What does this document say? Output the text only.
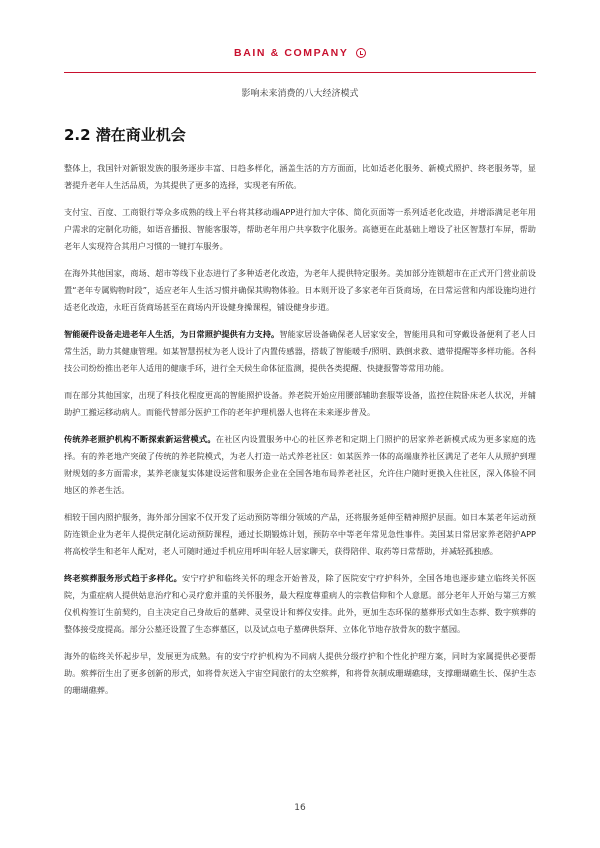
BAIN & COMPANY
影响未来消费的八大经济模式
2.2 潜在商业机会

整体上，我国针对新银发族的服务逐步丰富、日趋多样化，涵盖生活的方方面面，比如适老化服务、新模式照护、终老服务等，显著提升老年人生活品质，为其提供了更多的选择，实现老有所依。

支付宝、百度、工商银行等众多成熟的线上平台将其移动端APP进行加大字体、简化页面等一系列适老化改造，并增添满足老年用户需求的定制化功能，如语音播报、智能客服等，帮助老年用户共享数字化服务。高德更在此基础上增设了社区智慧打车屏，帮助老年人实现符合其用户习惯的一键打车服务。

在海外其他国家，商场、超市等线下业态进行了多种适老化改造，为老年人提供特定服务。美加部分连锁超市在正式开门营业前设置“老年专属购物时段”，适应老年人生活习惯并确保其购物体验。日本则开设了多家老年百货商场，在日常运营和内部设施均进行适老化改造，永旺百货商场甚至在商场内开设健身操课程，铺设健身步道。

智能硬件设备走进老年人生活，为日常照护提供有力支持。智能家居设备确保老人居家安全，智能用具和可穿戴设备便利了老人日常生活，助力其健康管理。如某智慧拐杖为老人设计了内置传感器，搭载了智能暖手/照明、跌倒求救、遗带提醒等多样功能。各科技公司纷纷推出老年人适用的健康手环，进行全天候生命体征监测，提供各类提醒、快捷报警等常用功能。

而在部分其他国家，出现了科技化程度更高的智能照护设备。养老院开始应用腰部辅助套服等设备，监控住院卧床老人状况，并辅助护工搬运移动病人。而能代替部分医护工作的老年护理机器人也将在未来逐步普及。

传统养老照护机构不断探索新运营模式。在社区内设置服务中心的社区养老和定期上门照护的居家养老新模式成为更多家庭的选择。有的养老地产突破了传统的养老院模式，为老人打造一站式养老社区：如某医养一体的高端康养社区满足了老年人从照护到理财规划的多方面需求，某养老康复实体建设运营和服务企业在全国各地布局养老社区，允许住户随时更换入住社区，深入体验不同地区的养老生活。

相较于国内照护服务，海外部分国家不仅开发了运动预防等细分领域的产品，还将服务延伸至精神照护层面。如日本某老年运动预防连锁企业为老年人提供定制化运动预防课程，通过长期锻炼计划，预防卒中等老年常见急性事件。美国某日常居家养老陪护APP将高校学生和老年人配对，老人可随时通过手机应用呼叫年轻人居家聊天，获得陪伴、取药等日常帮助，并减轻孤独感。

终老殡葬服务形式趋于多样化。安宁疗护和临终关怀的理念开始普及，除了医院安宁疗护科外，全国各地也逐步建立临终关怀医院，为重症病人提供姑息治疗和心灵疗愈并重的关怀服务，最大程度尊重病人的宗教信仰和个人意愿。部分老年人开始与第三方殡仪机构签订生前契约，自主决定自己身故后的墓碑、灵堂设计和葬仪安排。此外，更加生态环保的墓葬形式如生态葬、数字殡葬的整体接受度提高。部分公墓还设置了生态葬墓区，以及试点电子墓碑供祭拜、立体化节地存放骨灰的数字墓园。

海外的临终关怀起步早，发展更为成熟。有的安宁疗护机构为不同病人提供分级疗护和个性化护理方案，同时为家属提供必要帮助。殡葬衍生出了更多创新的形式，如将骨灰送入宇宙空间旅行的太空殡葬，和将骨灰制成珊瑚礁球，支撑珊瑚礁生长、保护生态的珊瑚礁葬。

16
